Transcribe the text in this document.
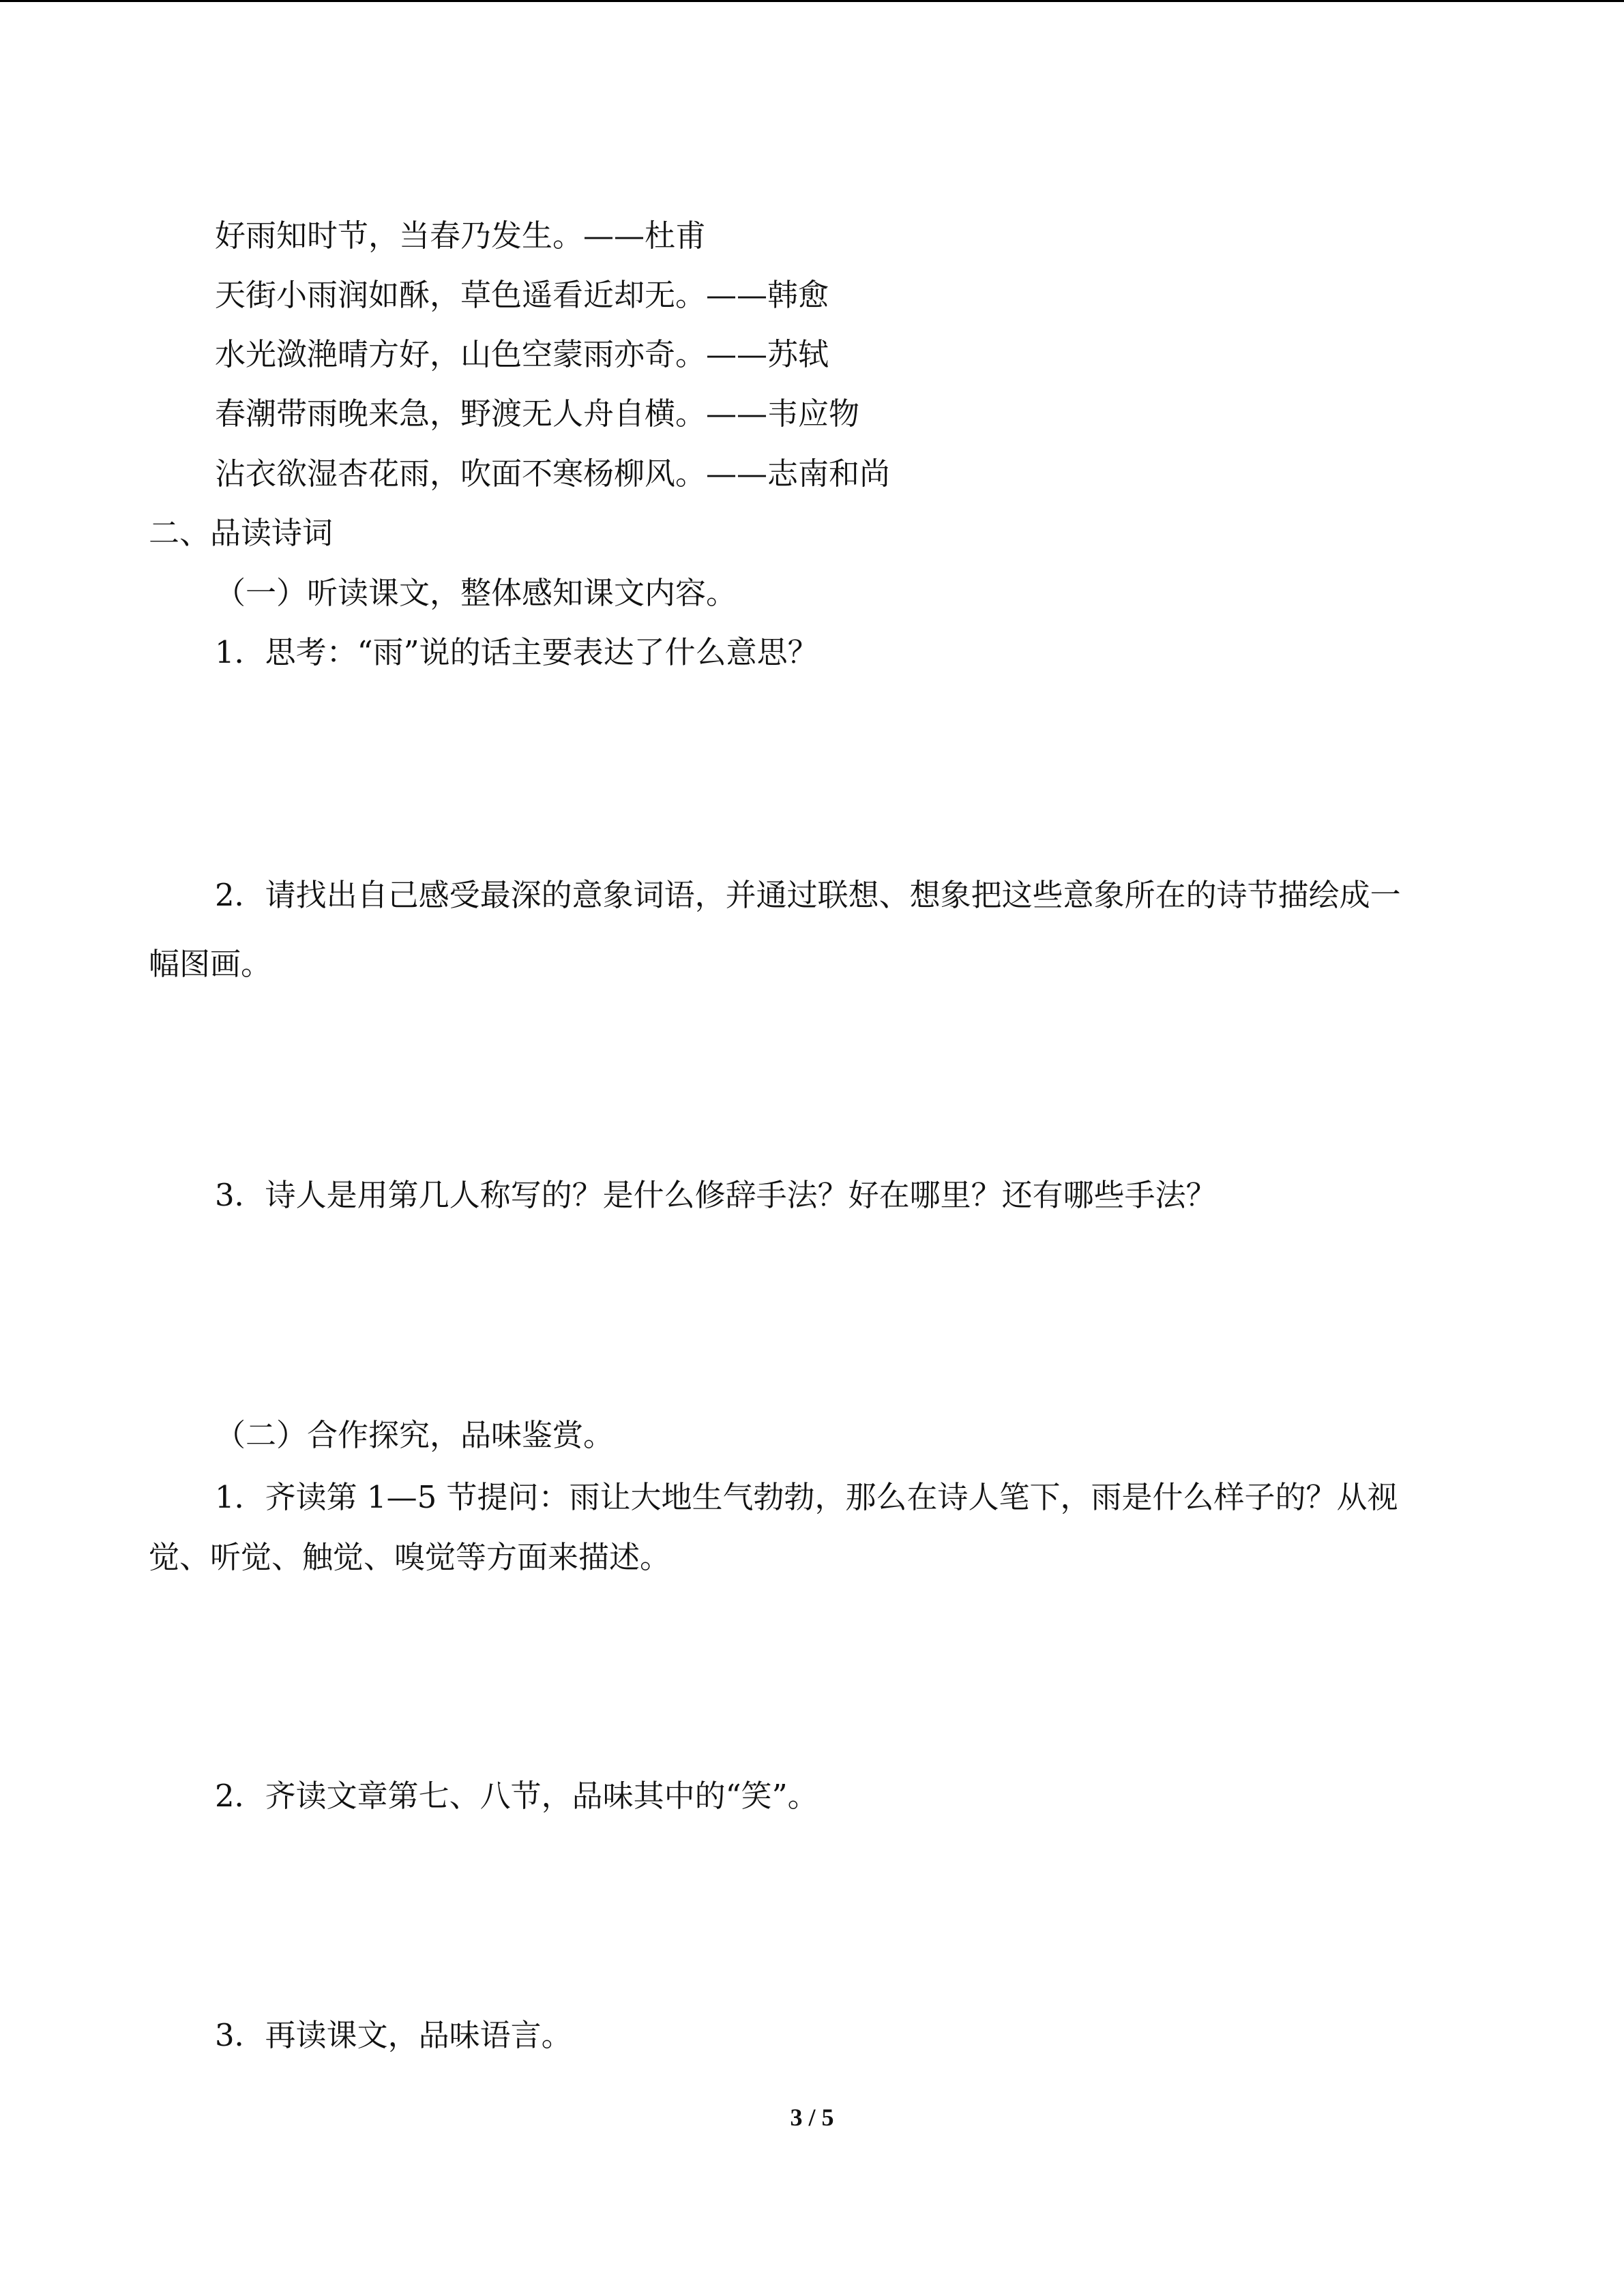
好雨知时节，当春乃发生。——杜甫
天街小雨润如酥，草色遥看近却无。——韩愈
水光潋滟晴方好，山色空蒙雨亦奇。——苏轼
春潮带雨晚来急，野渡无人舟自横。——韦应物
沾衣欲湿杏花雨，吹面不寒杨柳风。——志南和尚
二、品读诗词
（一）听读课文，整体感知课文内容。
1．思考：“雨”说的话主要表达了什么意思？
2．请找出自己感受最深的意象词语，并通过联想、想象把这些意象所在的诗节描绘成一
幅图画。
3．诗人是用第几人称写的？是什么修辞手法？好在哪里？还有哪些手法？
（二）合作探究，品味鉴赏。
1．齐读第 1—5 节提问：雨让大地生气勃勃，那么在诗人笔下，雨是什么样子的？从视
觉、听觉、触觉、嗅觉等方面来描述。
2．齐读文章第七、八节，品味其中的“笑”。
3．再读课文，品味语言。
3 / 5
